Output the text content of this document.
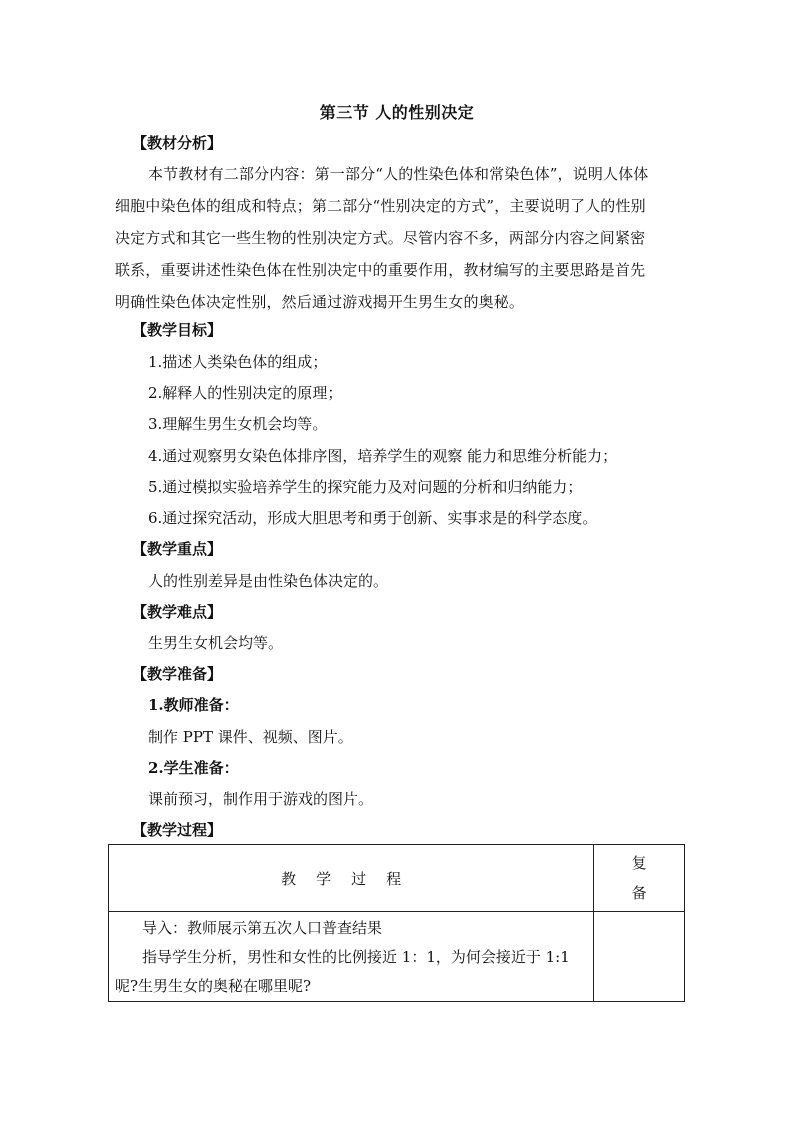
第三节 人的性别决定
【教材分析】
本节教材有二部分内容：第一部分“人的性染色体和常染色体”，说明人体体
细胞中染色体的组成和特点；第二部分“性别决定的方式”，主要说明了人的性别
决定方式和其它一些生物的性别决定方式。尽管内容不多，两部分内容之间紧密
联系，重要讲述性染色体在性别决定中的重要作用，教材编写的主要思路是首先
明确性染色体决定性别，然后通过游戏揭开生男生女的奥秘。
【教学目标】
1.描述人类染色体的组成；
2.解释人的性别决定的原理；
3.理解生男生女机会均等。
4.通过观察男女染色体排序图，培养学生的观察 能力和思维分析能力；
5.通过模拟实验培养学生的探究能力及对问题的分析和归纳能力；
6.通过探究活动，形成大胆思考和勇于创新、实事求是的科学态度。
【教学重点】
人的性别差异是由性染色体决定的。
【教学难点】
生男生女机会均等。
【教学准备】
1.教师准备：
制作 PPT 课件、视频、图片。
2.学生准备：
课前预习，制作用于游戏的图片。
【教学过程】
教学过程	复
备

导入：教师展示第五次人口普查结果
指导学生分析，男性和女性的比例接近 1：1，为何会接近于 1:1
呢?生男生女的奥秘在哪里呢?	
